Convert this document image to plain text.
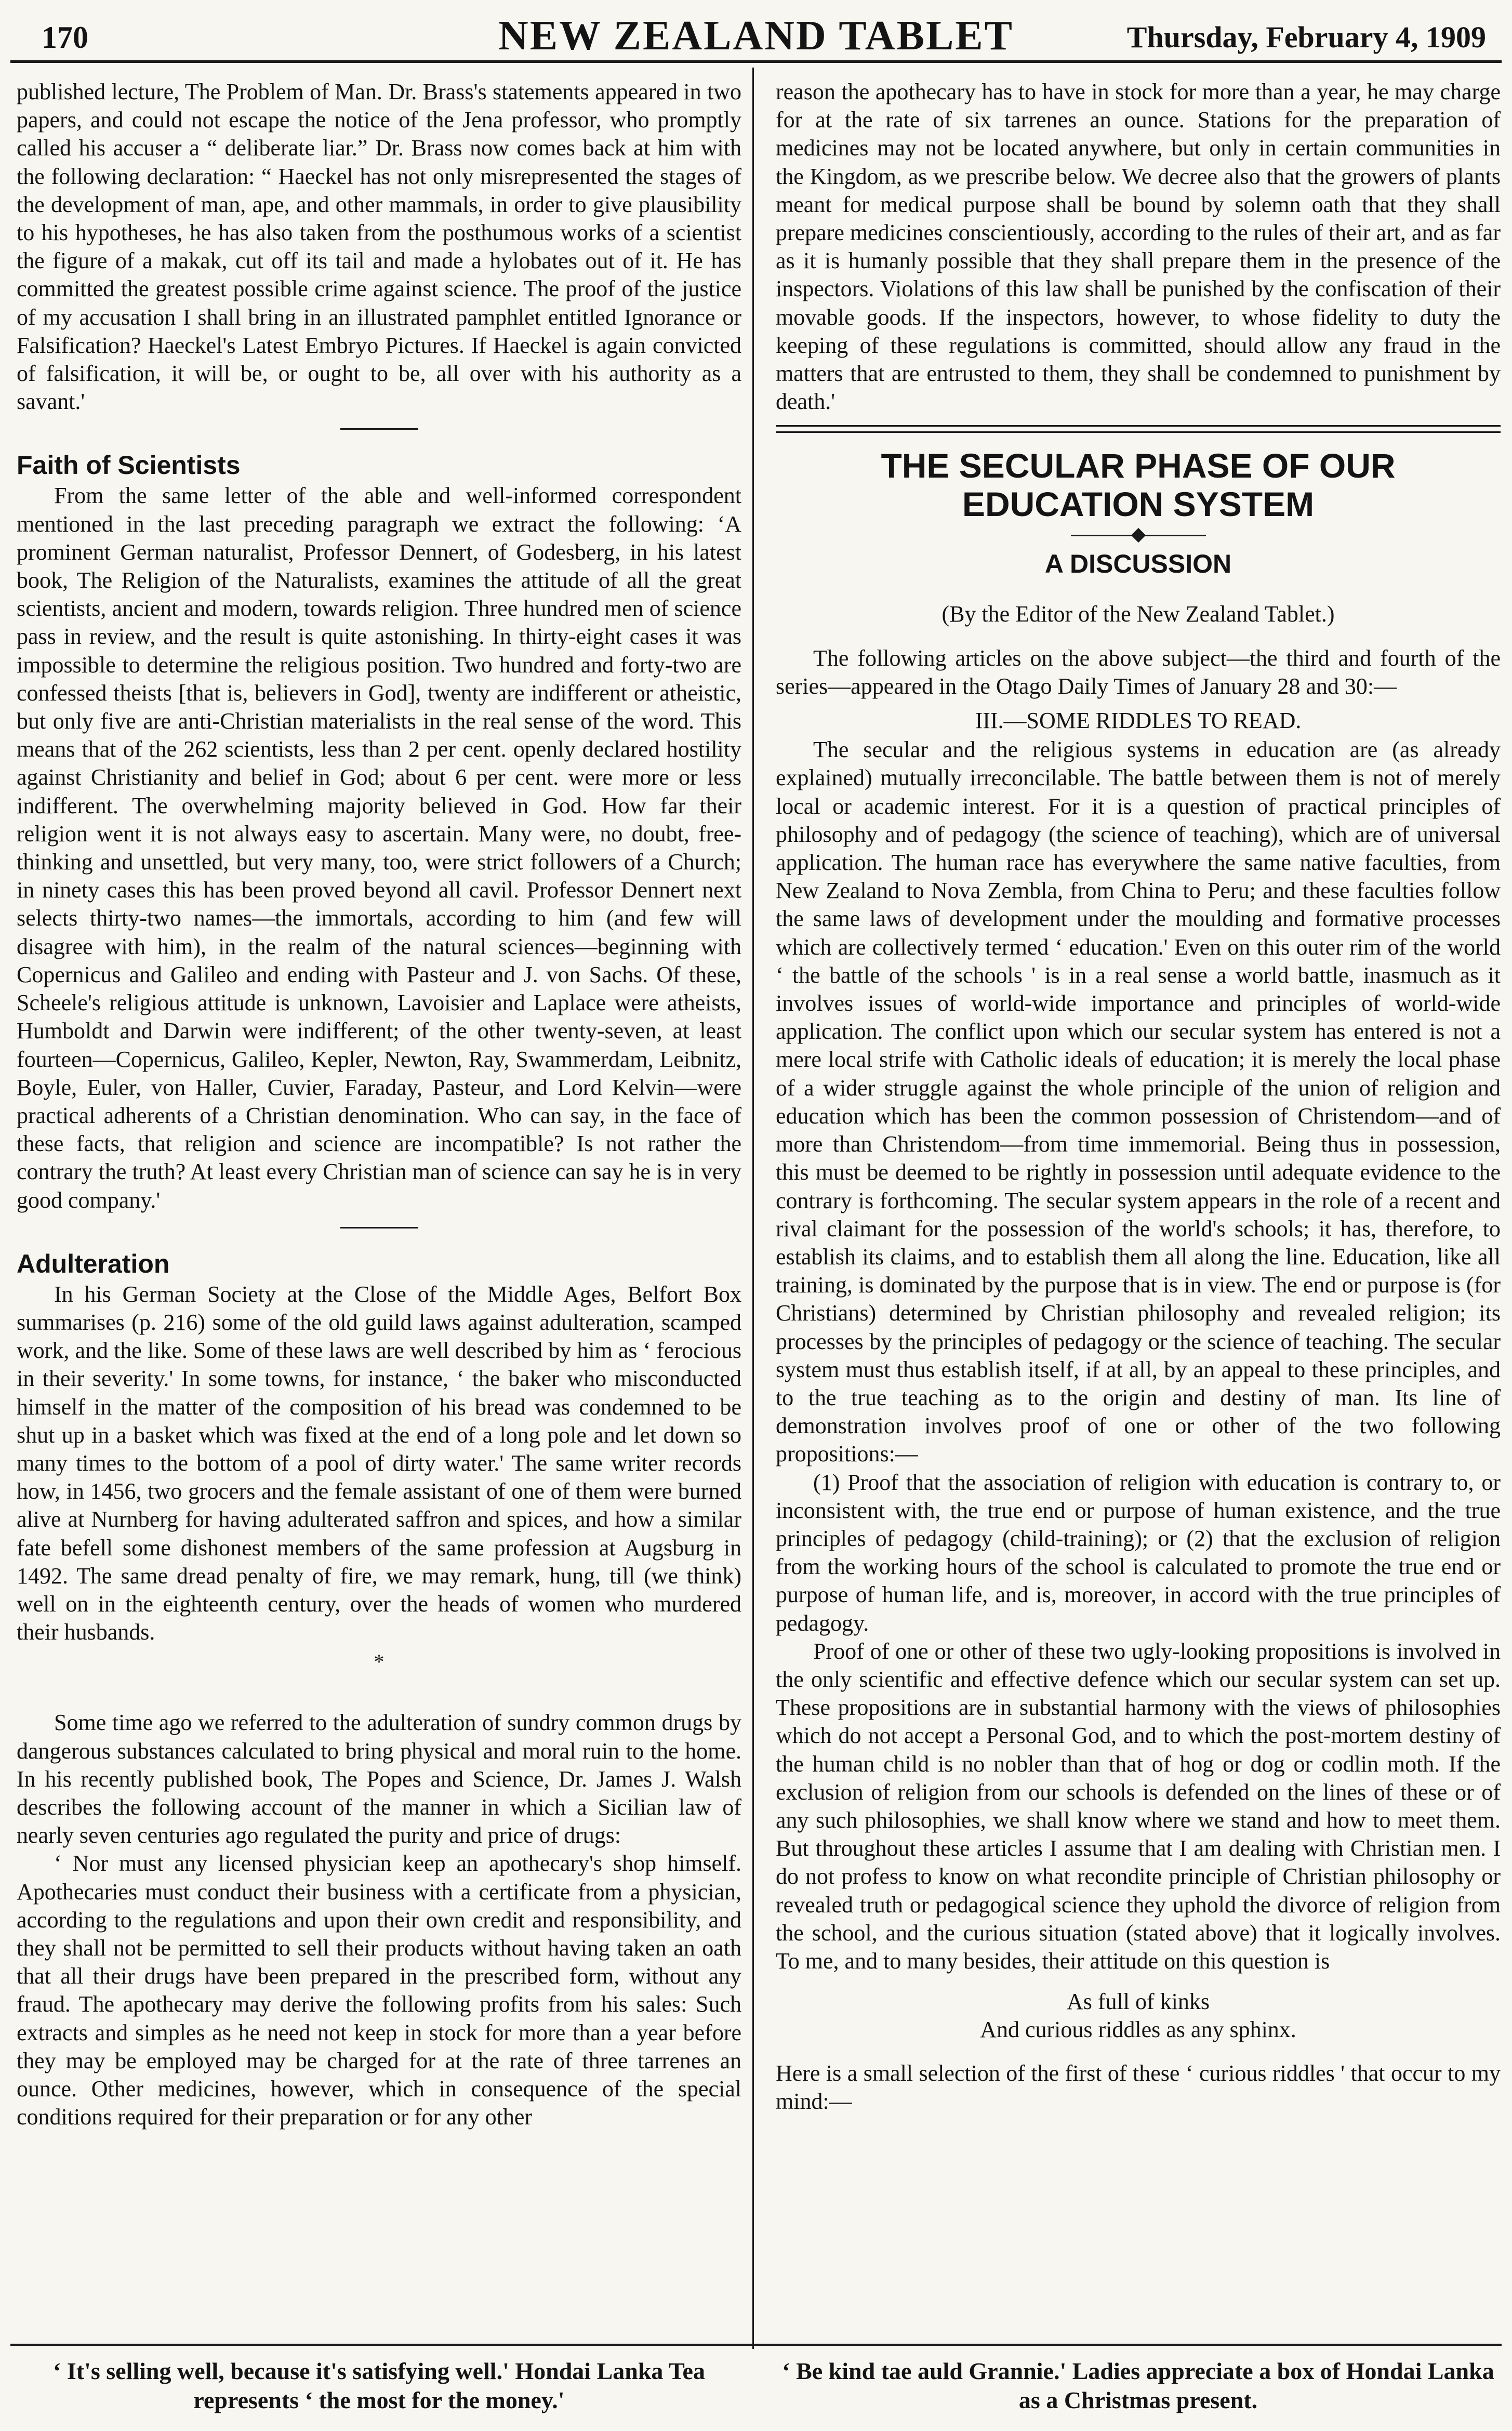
170	NEW ZEALAND TABLET	Thursday, February 4, 1909

published lecture, The Problem of Man. Dr. Brass's statements appeared in two papers, and could not escape the notice of the Jena professor, who promptly called his accuser a “ deliberate liar.” Dr. Brass now comes back at him with the following declaration: “ Haeckel has not only misrepresented the stages of the development of man, ape, and other mammals, in order to give plausibility to his hypotheses, he has also taken from the posthumous works of a scientist the figure of a makak, cut off its tail and made a hylobates out of it. He has committed the greatest possible crime against science. The proof of the justice of my accusation I shall bring in an illustrated pamphlet entitled Ignorance or Falsification? Haeckel's Latest Embryo Pictures. If Haeckel is again convicted of falsification, it will be, or ought to be, all over with his authority as a savant.'

Faith of Scientists

From the same letter of the able and well-informed correspondent mentioned in the last preceding paragraph we extract the following: ‘A prominent German naturalist, Professor Dennert, of Godesberg, in his latest book, The Religion of the Naturalists, examines the attitude of all the great scientists, ancient and modern, towards religion. Three hundred men of science pass in review, and the result is quite astonishing. In thirty-eight cases it was impossible to determine the religious position. Two hundred and forty-two are confessed theists [that is, believers in God], twenty are indifferent or atheistic, but only five are anti-Christian materialists in the real sense of the word. This means that of the 262 scientists, less than 2 per cent. openly declared hostility against Christianity and belief in God; about 6 per cent. were more or less indifferent. The overwhelming majority believed in God. How far their religion went it is not always easy to ascertain. Many were, no doubt, free-thinking and unsettled, but very many, too, were strict followers of a Church; in ninety cases this has been proved beyond all cavil. Professor Dennert next selects thirty-two names—the immortals, according to him (and few will disagree with him), in the realm of the natural sciences—beginning with Copernicus and Galileo and ending with Pasteur and J. von Sachs. Of these, Scheele's religious attitude is unknown, Lavoisier and Laplace were atheists, Humboldt and Darwin were indifferent; of the other twenty-seven, at least fourteen—Copernicus, Galileo, Kepler, Newton, Ray, Swammerdam, Leibnitz, Boyle, Euler, von Haller, Cuvier, Faraday, Pasteur, and Lord Kelvin—were practical adherents of a Christian denomination. Who can say, in the face of these facts, that religion and science are incompatible? Is not rather the contrary the truth? At least every Christian man of science can say he is in very good company.'

Adulteration

In his German Society at the Close of the Middle Ages, Belfort Box summarises (p. 216) some of the old guild laws against adulteration, scamped work, and the like. Some of these laws are well described by him as ‘ ferocious in their severity.' In some towns, for instance, ‘ the baker who misconducted himself in the matter of the composition of his bread was condemned to be shut up in a basket which was fixed at the end of a long pole and let down so many times to the bottom of a pool of dirty water.' The same writer records how, in 1456, two grocers and the female assistant of one of them were burned alive at Nurnberg for having adulterated saffron and spices, and how a similar fate befell some dishonest members of the same profession at Augsburg in 1492. The same dread penalty of fire, we may remark, hung, till (we think) well on in the eighteenth century, over the heads of women who murdered their husbands.

*

Some time ago we referred to the adulteration of sundry common drugs by dangerous substances calculated to bring physical and moral ruin to the home. In his recently published book, The Popes and Science, Dr. James J. Walsh describes the following account of the manner in which a Sicilian law of nearly seven centuries ago regulated the purity and price of drugs:

‘ Nor must any licensed physician keep an apothecary's shop himself. Apothecaries must conduct their business with a certificate from a physician, according to the regulations and upon their own credit and responsibility, and they shall not be permitted to sell their products without having taken an oath that all their drugs have been prepared in the prescribed form, without any fraud. The apothecary may derive the following profits from his sales: Such extracts and simples as he need not keep in stock for more than a year before they may be employed may be charged for at the rate of three tarrenes an ounce. Other medicines, however, which in consequence of the special conditions required for their preparation or for any other

reason the apothecary has to have in stock for more than a year, he may charge for at the rate of six tarrenes an ounce. Stations for the preparation of medicines may not be located anywhere, but only in certain communities in the Kingdom, as we prescribe below. We decree also that the growers of plants meant for medical purpose shall be bound by solemn oath that they shall prepare medicines conscientiously, according to the rules of their art, and as far as it is humanly possible that they shall prepare them in the presence of the inspectors. Violations of this law shall be punished by the confiscation of their movable goods. If the inspectors, however, to whose fidelity to duty the keeping of these regulations is committed, should allow any fraud in the matters that are entrusted to them, they shall be condemned to punishment by death.'

THE SECULAR PHASE OF OUR EDUCATION SYSTEM
A DISCUSSION
(By the Editor of the New Zealand Tablet.)

The following articles on the above subject—the third and fourth of the series—appeared in the Otago Daily Times of January 28 and 30:—

III.—SOME RIDDLES TO READ.

The secular and the religious systems in education are (as already explained) mutually irreconcilable. The battle between them is not of merely local or academic interest. For it is a question of practical principles of philosophy and of pedagogy (the science of teaching), which are of universal application. The human race has everywhere the same native faculties, from New Zealand to Nova Zembla, from China to Peru; and these faculties follow the same laws of development under the moulding and formative processes which are collectively termed ‘ education.' Even on this outer rim of the world ‘ the battle of the schools ' is in a real sense a world battle, inasmuch as it involves issues of world-wide importance and principles of world-wide application. The conflict upon which our secular system has entered is not a mere local strife with Catholic ideals of education; it is merely the local phase of a wider struggle against the whole principle of the union of religion and education which has been the common possession of Christendom—and of more than Christendom—from time immemorial. Being thus in possession, this must be deemed to be rightly in possession until adequate evidence to the contrary is forthcoming. The secular system appears in the role of a recent and rival claimant for the possession of the world's schools; it has, therefore, to establish its claims, and to establish them all along the line. Education, like all training, is dominated by the purpose that is in view. The end or purpose is (for Christians) determined by Christian philosophy and revealed religion; its processes by the principles of pedagogy or the science of teaching. The secular system must thus establish itself, if at all, by an appeal to these principles, and to the true teaching as to the origin and destiny of man. Its line of demonstration involves proof of one or other of the two following propositions:—

(1) Proof that the association of religion with education is contrary to, or inconsistent with, the true end or purpose of human existence, and the true principles of pedagogy (child-training); or (2) that the exclusion of religion from the working hours of the school is calculated to promote the true end or purpose of human life, and is, moreover, in accord with the true principles of pedagogy.

Proof of one or other of these two ugly-looking propositions is involved in the only scientific and effective defence which our secular system can set up. These propositions are in substantial harmony with the views of philosophies which do not accept a Personal God, and to which the post-mortem destiny of the human child is no nobler than that of hog or dog or codlin moth. If the exclusion of religion from our schools is defended on the lines of these or of any such philosophies, we shall know where we stand and how to meet them. But throughout these articles I assume that I am dealing with Christian men. I do not profess to know on what recondite principle of Christian philosophy or revealed truth or pedagogical science they uphold the divorce of religion from the school, and the curious situation (stated above) that it logically involves. To me, and to many besides, their attitude on this question is

As full of kinks
And curious riddles as any sphinx.

Here is a small selection of the first of these ‘ curious riddles ' that occur to my mind:—

‘ It's selling well, because it's satisfying well.' Hondai Lanka Tea represents ‘ the most for the money.'
‘ Be kind tae auld Grannie.' Ladies appreciate a box of Hondai Lanka as a Christmas present.
